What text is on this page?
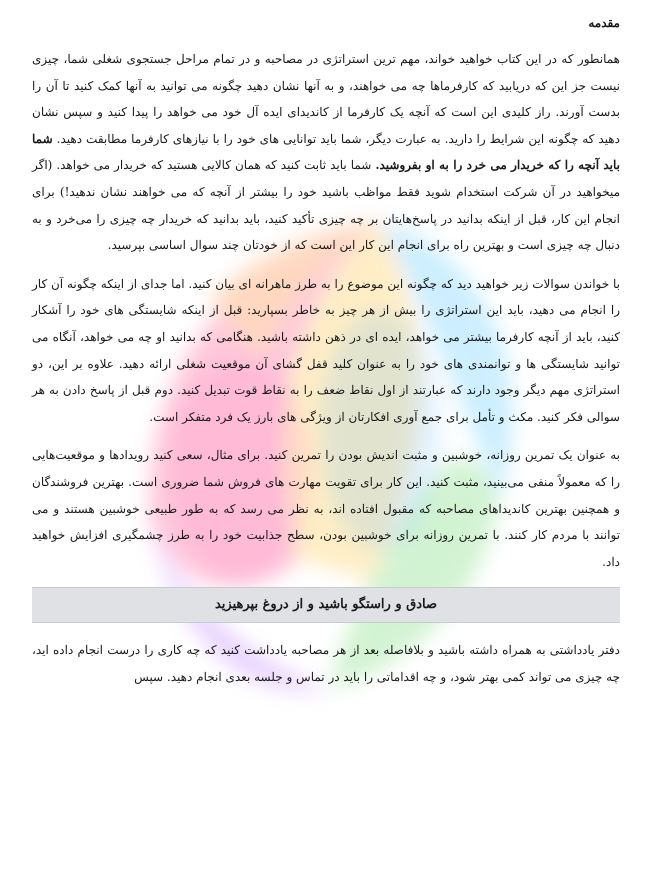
مقدمه

همانطور که در این کتاب خواهید خواند، مهم ترین استراتژی در مصاحبه و در تمام مراحل جستجوی شغلی شما، چیزی نیست جز این که دریابید که کارفرماها چه می خواهند، و به آنها نشان دهید چگونه می توانید به آنها کمک کنید تا آن را بدست آورند. راز کلیدی این است که آنچه یک کارفرما از کاندیدای ایده آل خود می خواهد را پیدا کنید و سپس نشان دهید که چگونه این شرایط را دارید. به عبارت دیگر، شما باید توانایی های خود را با نیازهای کارفرما مطابقت دهید. شما باید آنچه را که خریدار می خرد را به او بفروشید. شما باید ثابت کنید که همان کالایی هستید که خریدار می خواهد. (اگر میخواهید در آن شرکت استخدام شوید فقط مواظب باشید خود را بیشتر از آنچه که می خواهند نشان ندهید!) برای انجام این کار، قبل از اینکه بدانید در پاسخ‌هایتان بر چه چیزی تأکید کنید، باید بدانید که خریدار چه چیزی را می‌خرد و به دنبال چه چیزی است و بهترین راه برای انجام این کار این است که از خودتان چند سوال اساسی بپرسید.

با خواندن سوالات زیر خواهید دید که چگونه این موضوع را به طرز ماهرانه ای بیان کنید. اما جدای از اینکه چگونه آن کار را انجام می دهید، باید این استراتژی را بیش از هر چیز به خاطر بسپارید: قبل از اینکه شایستگی های خود را آشکار کنید، باید از آنچه کارفرما بیشتر می خواهد، ایده ای در ذهن داشته باشید. هنگامی که بدانید او چه می خواهد، آنگاه می توانید شایستگی ها و توانمندی های خود را به عنوان کلید قفل گشای آن موقعیت شغلی ارائه دهید. علاوه بر این، دو استراتژی مهم دیگر وجود دارند که عبارتند از اول نقاط ضعف را به نقاط قوت تبدیل کنید. دوم قبل از پاسخ دادن به هر سوالی فکر کنید. مکث و تأمل برای جمع آوری افکارتان از ویژگی های بارز یک فرد متفکر است.

به عنوان یک تمرین روزانه، خوشبین و مثبت اندیش بودن را تمرین کنید. برای مثال، سعی کنید رویدادها و موقعیت‌هایی را که معمولاً منفی می‌بینید، مثبت کنید. این کار برای تقویت مهارت های فروش شما ضروری است. بهترین فروشندگان و همچنین بهترین کاندیداهای مصاحبه که مقبول افتاده اند، به نظر می رسد که به طور طبیعی خوشبین هستند و می توانند با مردم کار کنند. با تمرین روزانه برای خوشبین بودن، سطح جذابیت خود را به طرز چشمگیری افزایش خواهید داد.

صادق و راستگو باشید و از دروغ بپرهیزید

دفتر یادداشتی به همراه داشته باشید و بلافاصله بعد از هر مصاحبه یادداشت کنید که چه کاری را درست انجام داده اید، چه چیزی می تواند کمی بهتر شود، و چه اقداماتی را باید در تماس و جلسه بعدی انجام دهید. سپس
